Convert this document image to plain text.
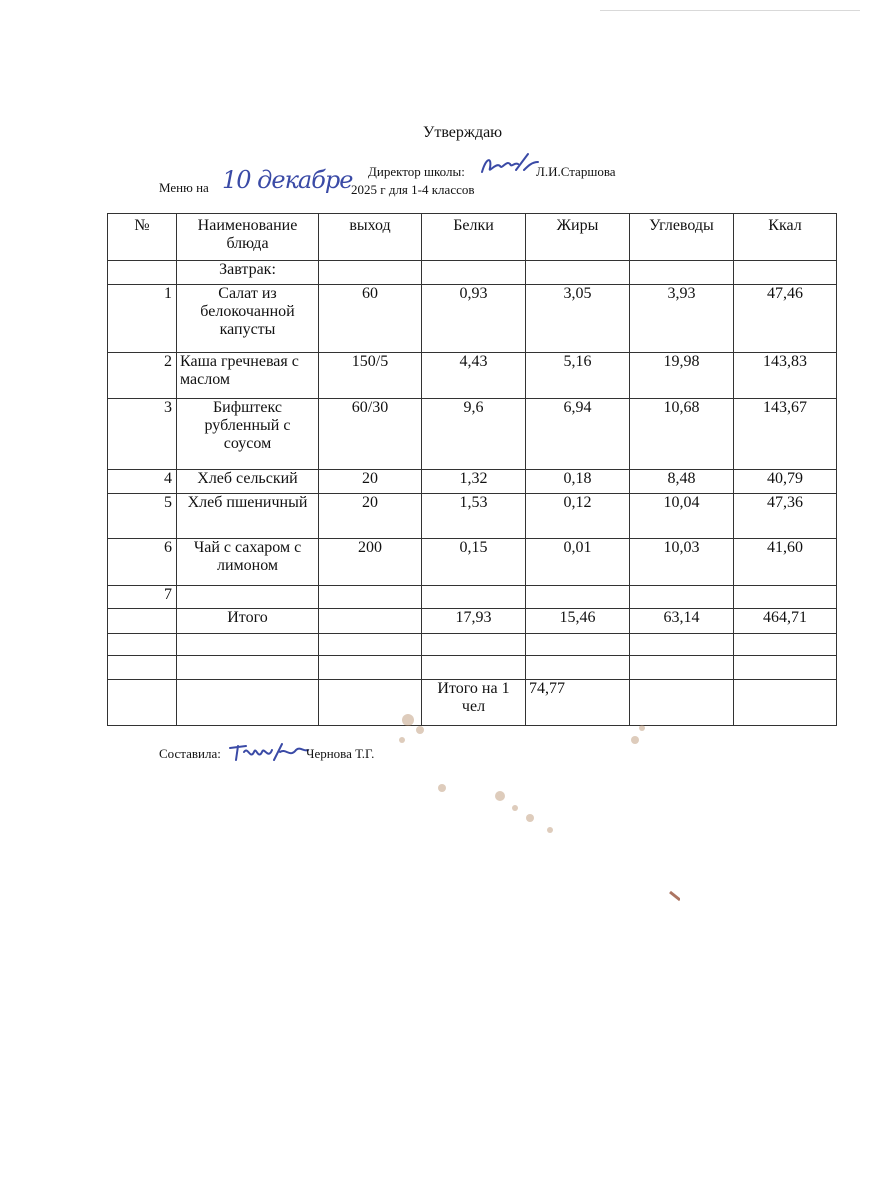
Утверждаю
Директор школы:	Л.И.Старшова
Меню на 10 декабре
2025 г для 1-4 классов
№	Наименование блюда	выход	Белки	Жиры	Углеводы	Ккал
	Завтрак:					
1	Салат из белокочанной капусты	60	0,93	3,05	3,93	47,46
2	Каша гречневая с маслом	150/5	4,43	5,16	19,98	143,83
3	Бифштекс рубленный с соусом	60/30	9,6	6,94	10,68	143,67
4	Хлеб сельский	20	1,32	0,18	8,48	40,79
5	Хлеб пшеничный	20	1,53	0,12	10,04	47,36
6	Чай с сахаром с лимоном	200	0,15	0,01	10,03	41,60
7						
	Итого		17,93	15,46	63,14	464,71

			Итого на 1 чел	74,77		
Составила:	Чернова Т.Г.
